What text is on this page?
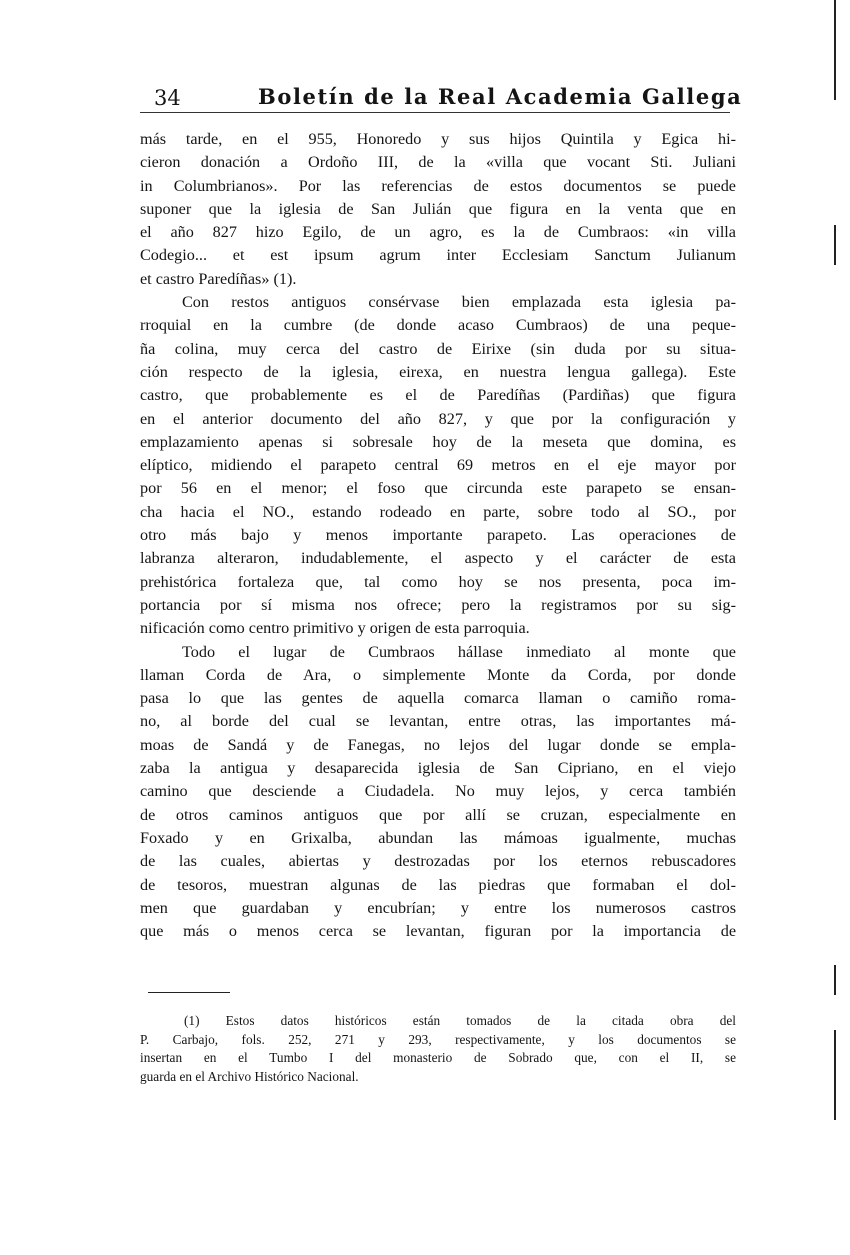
34	Boletín de la Real Academia Gallega
más tarde, en el 955, Honoredo y sus hijos Quintila y Egica hi-
cieron donación a Ordoño III, de la «villa que vocant Sti. Juliani
in Columbrianos». Por las referencias de estos documentos se puede
suponer que la iglesia de San Julián que figura en la venta que en
el año 827 hizo Egilo, de un agro, es la de Cumbraos: «in villa
Codegio... et est ipsum agrum inter Ecclesiam Sanctum Julianum
et castro Paredíñas» (1).
Con restos antiguos consérvase bien emplazada esta iglesia pa-
rroquial en la cumbre (de donde acaso Cumbraos) de una peque-
ña colina, muy cerca del castro de Eirixe (sin duda por su situa-
ción respecto de la iglesia, eirexa, en nuestra lengua gallega). Este
castro, que probablemente es el de Paredíñas (Pardiñas) que figura
en el anterior documento del año 827, y que por la configuración y
emplazamiento apenas si sobresale hoy de la meseta que domina, es
elíptico, midiendo el parapeto central 69 metros en el eje mayor por
por 56 en el menor; el foso que circunda este parapeto se ensan-
cha hacia el NO., estando rodeado en parte, sobre todo al SO., por
otro más bajo y menos importante parapeto. Las operaciones de
labranza alteraron, indudablemente, el aspecto y el carácter de esta
prehistórica fortaleza que, tal como hoy se nos presenta, poca im-
portancia por sí misma nos ofrece; pero la registramos por su sig-
nificación como centro primitivo y origen de esta parroquia.
Todo el lugar de Cumbraos hállase inmediato al monte que
llaman Corda de Ara, o simplemente Monte da Corda, por donde
pasa lo que las gentes de aquella comarca llaman o camiño roma-
no, al borde del cual se levantan, entre otras, las importantes má-
moas de Sandá y de Fanegas, no lejos del lugar donde se empla-
zaba la antigua y desaparecida iglesia de San Cipriano, en el viejo
camino que desciende a Ciudadela. No muy lejos, y cerca también
de otros caminos antiguos que por allí se cruzan, especialmente en
Foxado y en Grixalba, abundan las mámoas igualmente, muchas
de las cuales, abiertas y destrozadas por los eternos rebuscadores
de tesoros, muestran algunas de las piedras que formaban el dol-
men que guardaban y encubrían; y entre los numerosos castros
que más o menos cerca se levantan, figuran por la importancia de
(1) Estos datos históricos están tomados de la citada obra del
P. Carbajo, fols. 252, 271 y 293, respectivamente, y los documentos se
insertan en el Tumbo I del monasterio de Sobrado que, con el II, se
guarda en el Archivo Histórico Nacional.
